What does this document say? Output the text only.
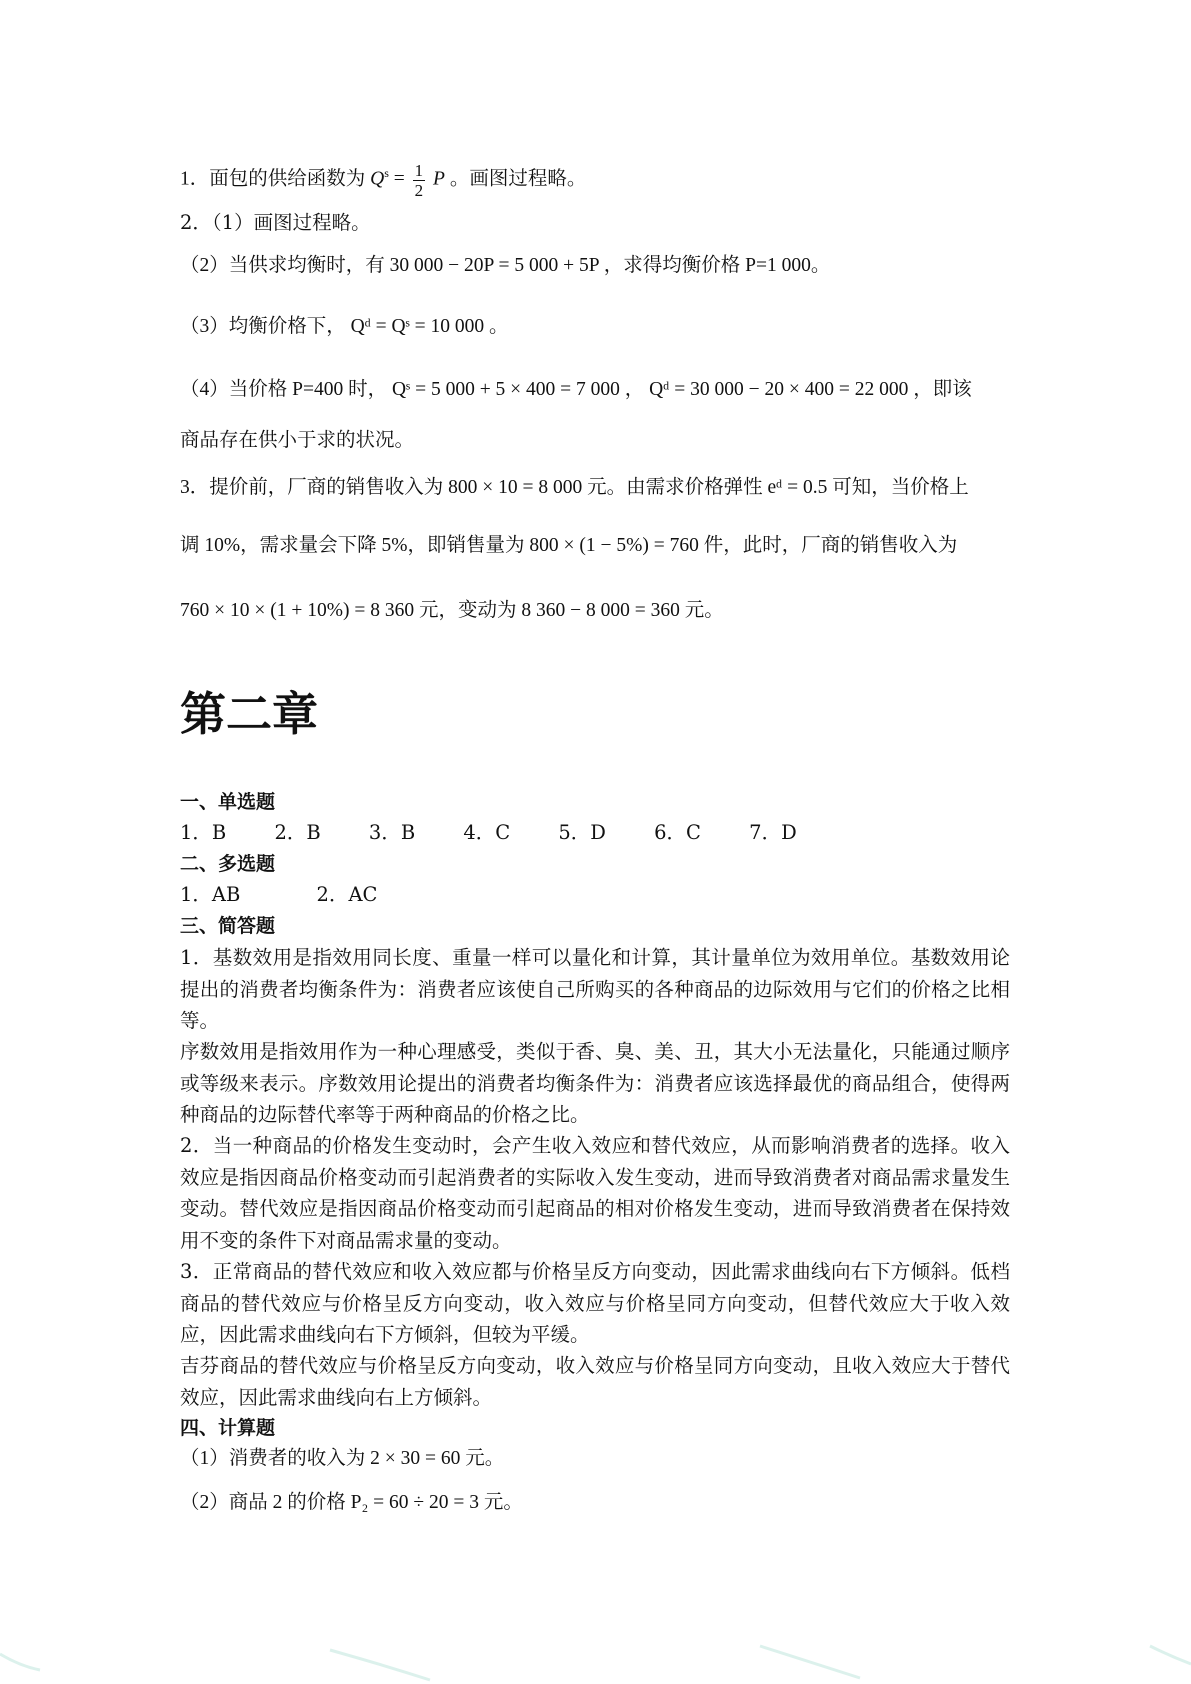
1．面包的供给函数为 $Q^s = \frac{1}{2}$ P 。画图过程略。
2．（1）画图过程略。
（2）当供求均衡时，有 30 000 − 20P = 5 000 + 5P ，求得均衡价格 P=1 000。
（3）均衡价格下， Qᵈ = Qˢ = 10 000 。
（4）当价格 P=400 时， Qˢ = 5 000 + 5 × 400 = 7 000 ， Qᵈ = 30 000 − 20 × 400 = 22 000 ，即该
商品存在供小于求的状况。
3．提价前，厂商的销售收入为 800 × 10 = 8 000 元。由需求价格弹性 eᵈ = 0.5 可知，当价格上
调 10%，需求量会下降 5%，即销售量为 800 × (1 − 5%) = 760 件，此时，厂商的销售收入为
760 × 10 × (1 + 10%) = 8 360 元，变动为 8 360 − 8 000 = 360 元。
第二章
一、单选题
1．B 2．B 3．B 4．C 5．D 6．C 7．D
二、多选题
1．AB	2．AC
三、简答题
1．基数效用是指效用同长度、重量一样可以量化和计算，其计量单位为效用单位。基数效用论提出的消费者均衡条件为：消费者应该使自己所购买的各种商品的边际效用与它们的价格之比相等。
序数效用是指效用作为一种心理感受，类似于香、臭、美、丑，其大小无法量化，只能通过顺序或等级来表示。序数效用论提出的消费者均衡条件为：消费者应该选择最优的商品组合，使得两种商品的边际替代率等于两种商品的价格之比。
2．当一种商品的价格发生变动时，会产生收入效应和替代效应，从而影响消费者的选择。收入效应是指因商品价格变动而引起消费者的实际收入发生变动，进而导致消费者对商品需求量发生变动。替代效应是指因商品价格变动而引起商品的相对价格发生变动，进而导致消费者在保持效用不变的条件下对商品需求量的变动。
3．正常商品的替代效应和收入效应都与价格呈反方向变动，因此需求曲线向右下方倾斜。低档商品的替代效应与价格呈反方向变动，收入效应与价格呈同方向变动，但替代效应大于收入效应，因此需求曲线向右下方倾斜，但较为平缓。
吉芬商品的替代效应与价格呈反方向变动，收入效应与价格呈同方向变动，且收入效应大于替代效应，因此需求曲线向右上方倾斜。
四、计算题
（1）消费者的收入为 2 × 30 = 60 元。
（2）商品 2 的价格 P₂ = 60 ÷ 20 = 3 元。
